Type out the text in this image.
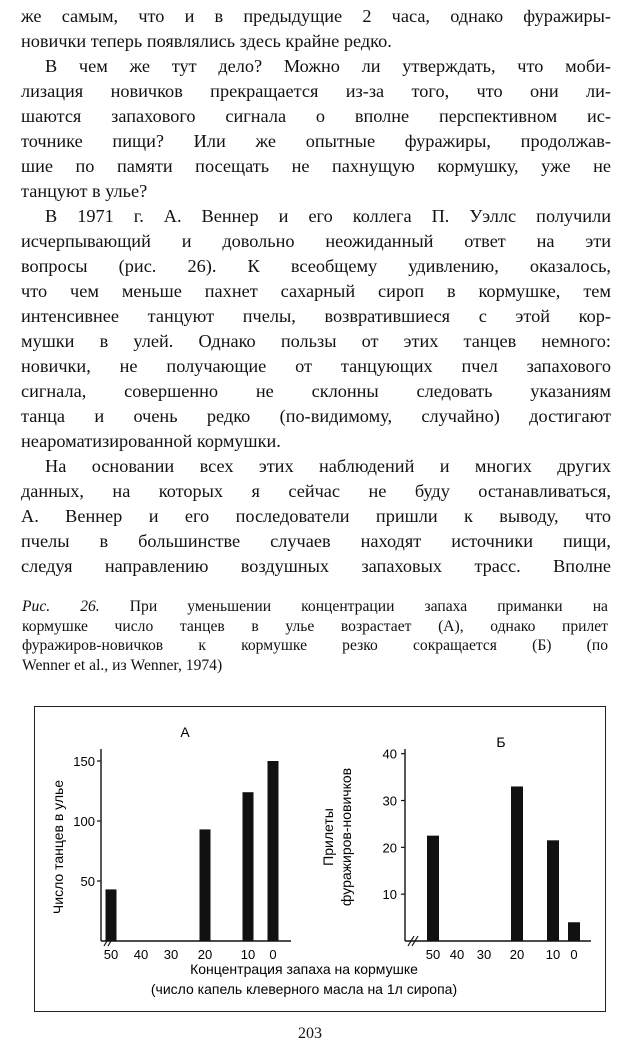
же самым, что и в предыдущие 2 часа, однако фуражиры-
новички теперь появлялись здесь крайне редко.

В чем же тут дело? Можно ли утверждать, что моби-
лизация новичков прекращается из-за того, что они ли-
шаются запахового сигнала о вполне перспективном ис-
точнике пищи? Или же опытные фуражиры, продолжав-
шие по памяти посещать не пахнущую кормушку, уже не
танцуют в улье?

В 1971 г. А. Веннер и его коллега П. Уэллс получили
исчерпывающий и довольно неожиданный ответ на эти
вопросы (рис. 26). К всеобщему удивлению, оказалось,
что чем меньше пахнет сахарный сироп в кормушке, тем
интенсивнее танцуют пчелы, возвратившиеся с этой кор-
мушки в улей. Однако пользы от этих танцев немного:
новички, не получающие от танцующих пчел запахового
сигнала, совершенно не склонны следовать указаниям
танца и очень редко (по-видимому, случайно) достигают
неароматизированной кормушки.

На основании всех этих наблюдений и многих других
данных, на которых я сейчас не буду останавливаться,
А. Веннер и его последователи пришли к выводу, что
пчелы в большинстве случаев находят источники пищи,
следуя направлению воздушных запаховых трасс. Вполне

Рис. 26. При уменьшении концентрации запаха приманки на
кормушке число танцев в улье возрастает (А), однако прилет
фуражиров-новичков к кормушке резко сокращается (Б) (по
Wenner et al., из Wenner, 1974)
Концентрация запаха на кормушке
(число капель клеверного масла на 1л сиропа)
А
50
100
150
50 40 30 20 10 0
Число танцев в улье
Б
10
20
30
40
50 40 30 20 10 0
Прилеты фуражиров-новичков
203
